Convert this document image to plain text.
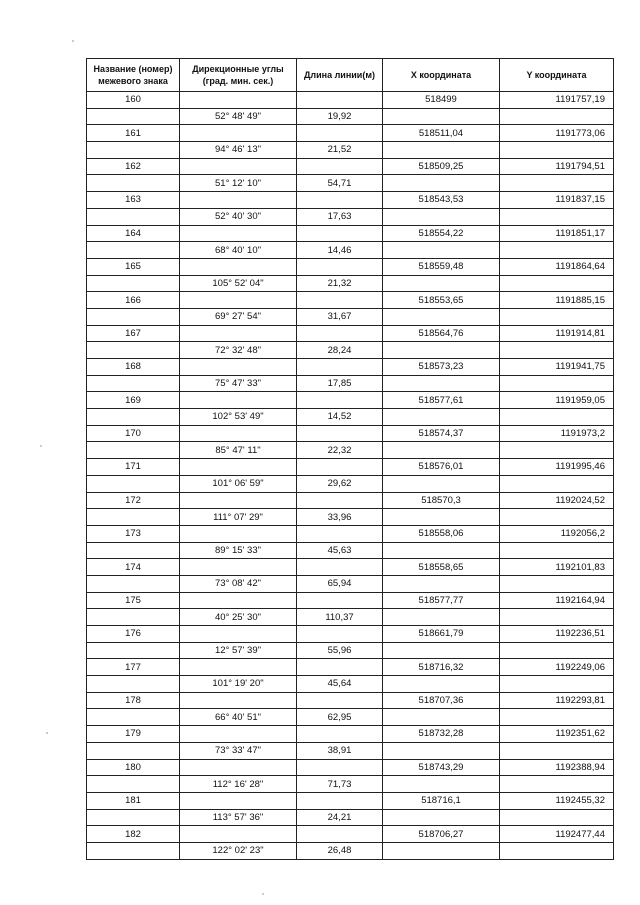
Название (номер) межевого знака	Дирекционные углы (град. мин. сек.)	Длина линии(м)	X координата	Y координата
160			518499	1191757,19
	52° 48' 49"	19,92		
161			518511,04	1191773,06
	94° 46' 13"	21,52		
162			518509,25	1191794,51
	51° 12' 10"	54,71		
163			518543,53	1191837,15
	52° 40' 30"	17,63		
164			518554,22	1191851,17
	68° 40' 10"	14,46		
165			518559,48	1191864,64
	105° 52' 04"	21,32		
166			518553,65	1191885,15
	69° 27' 54"	31,67		
167			518564,76	1191914,81
	72° 32' 48"	28,24		
168			518573,23	1191941,75
	75° 47' 33"	17,85		
169			518577,61	1191959,05
	102° 53' 49"	14,52		
170			518574,37	1191973,2
	85° 47' 11"	22,32		
171			518576,01	1191995,46
	101° 06' 59"	29,62		
172			518570,3	1192024,52
	111° 07' 29"	33,96		
173			518558,06	1192056,2
	89° 15' 33"	45,63		
174			518558,65	1192101,83
	73° 08' 42"	65,94		
175			518577,77	1192164,94
	40° 25' 30"	110,37		
176			518661,79	1192236,51
	12° 57' 39"	55,96		
177			518716,32	1192249,06
	101° 19' 20"	45,64		
178			518707,36	1192293,81
	66° 40' 51"	62,95		
179			518732,28	1192351,62
	73° 33' 47"	38,91		
180			518743,29	1192388,94
	112° 16' 28"	71,73		
181			518716,1	1192455,32
	113° 57' 36"	24,21		
182			518706,27	1192477,44
	122° 02' 23"	26,48		
